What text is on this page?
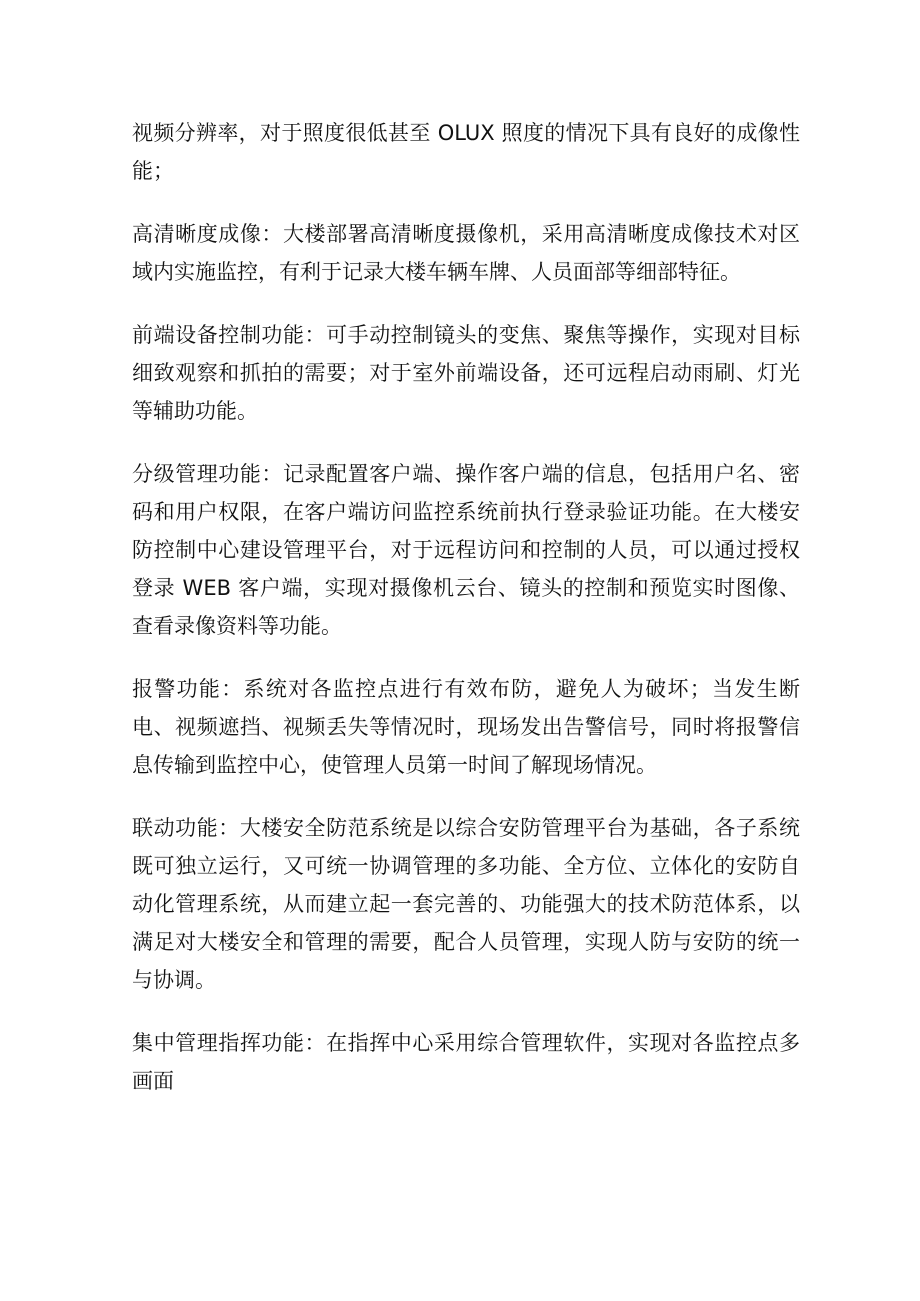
视频分辨率，对于照度很低甚至 OLUX 照度的情况下具有良好的成像性能；

高清晰度成像：大楼部署高清晰度摄像机，采用高清晰度成像技术对区域内实施监控，有利于记录大楼车辆车牌、人员面部等细部特征。

前端设备控制功能：可手动控制镜头的变焦、聚焦等操作，实现对目标细致观察和抓拍的需要；对于室外前端设备，还可远程启动雨刷、灯光等辅助功能。

分级管理功能：记录配置客户端、操作客户端的信息，包括用户名、密码和用户权限，在客户端访问监控系统前执行登录验证功能。在大楼安防控制中心建设管理平台，对于远程访问和控制的人员，可以通过授权登录 WEB 客户端，实现对摄像机云台、镜头的控制和预览实时图像、查看录像资料等功能。

报警功能：系统对各监控点进行有效布防，避免人为破坏；当发生断电、视频遮挡、视频丢失等情况时，现场发出告警信号，同时将报警信息传输到监控中心，使管理人员第一时间了解现场情况。

联动功能：大楼安全防范系统是以综合安防管理平台为基础，各子系统既可独立运行，又可统一协调管理的多功能、全方位、立体化的安防自动化管理系统，从而建立起一套完善的、功能强大的技术防范体系，以满足对大楼安全和管理的需要，配合人员管理，实现人防与安防的统一与协调。

集中管理指挥功能：在指挥中心采用综合管理软件，实现对各监控点多画面
